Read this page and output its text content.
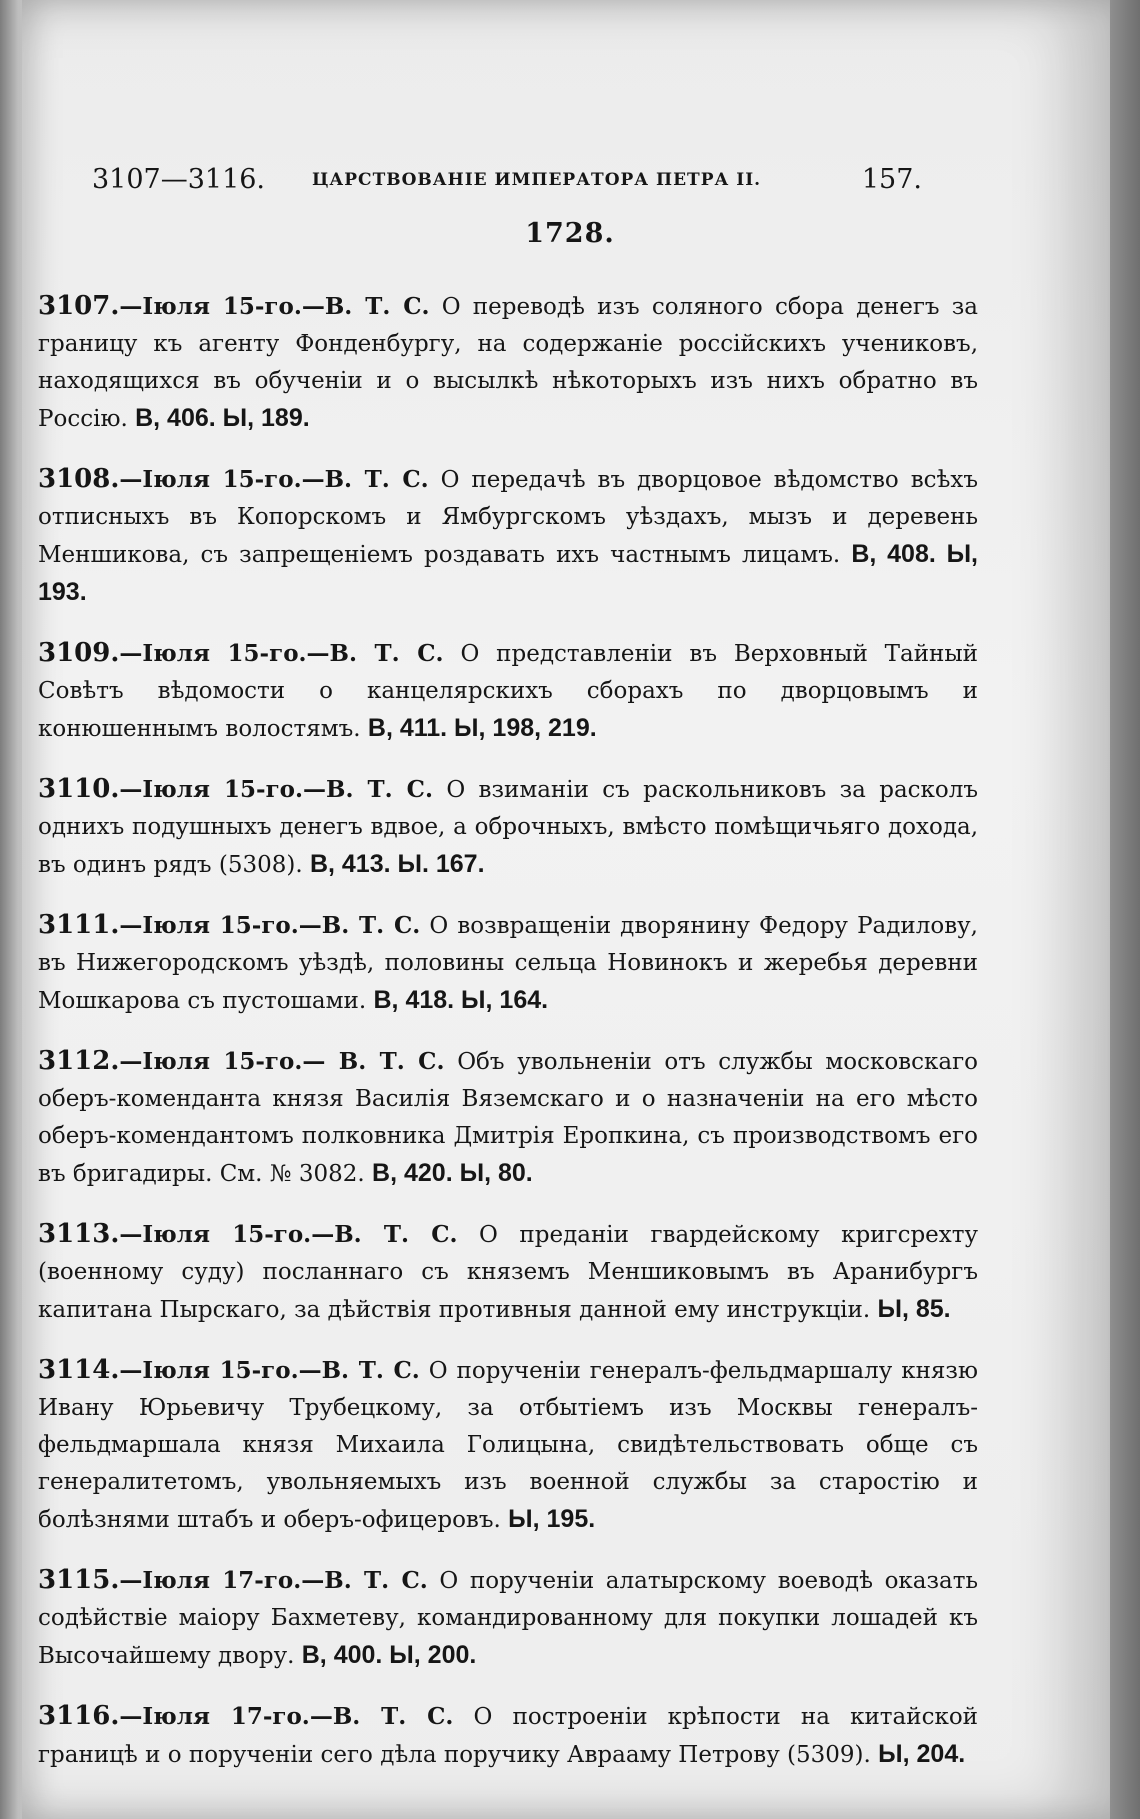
3107—3116.	ЦАРСТВОВАНІЕ ИМПЕРАТОРА ПЕТРА II.	157.
1728.

3107.—Іюля 15-го.—В. Т. С. О переводѣ изъ соляного сбора денегъ за границу къ агенту Фонденбургу, на содержаніе россійскихъ учениковъ, находящихся въ обученіи и о высылкѣ нѣкоторыхъ изъ нихъ обратно въ Россію. В, 406. Ы, 189.

3108.—Іюля 15-го.—В. Т. С. О передачѣ въ дворцовое вѣдомство всѣхъ отписныхъ въ Копорскомъ и Ямбургскомъ уѣздахъ, мызъ и деревень Меншикова, съ запрещеніемъ роздавать ихъ частнымъ лицамъ. В, 408. Ы, 193.

3109.—Іюля 15-го.—В. Т. С. О представленіи въ Верховный Тайный Совѣтъ вѣдомости о канцелярскихъ сборахъ по дворцовымъ и конюшеннымъ волостямъ. В, 411. Ы, 198, 219.

3110.—Іюля 15-го.—В. Т. С. О взиманіи съ раскольниковъ за расколъ однихъ подушныхъ денегъ вдвое, а оброчныхъ, вмѣсто помѣщичьяго дохода, въ одинъ рядъ (5308). В, 413. Ы. 167.

3111.—Іюля 15-го.—В. Т. С. О возвращеніи дворянину Федору Радилову, въ Нижегородскомъ уѣздѣ, половины сельца Новинокъ и жеребья деревни Мошкарова съ пустошами. В, 418. Ы, 164.

3112.—Іюля 15-го.— В. Т. С. Объ увольненіи отъ службы московскаго оберъ-коменданта князя Василія Вяземскаго и о назначеніи на его мѣсто оберъ-комендантомъ полковника Дмитрія Еропкина, съ производствомъ его въ бригадиры. См. № 3082. В, 420. Ы, 80.

3113.—Іюля 15-го.—В. Т. С. О преданіи гвардейскому кригсрехту (военному суду) посланнаго съ княземъ Меншиковымъ въ Аранибургъ капитана Пырскаго, за дѣйствія противныя данной ему инструкціи. Ы, 85.

3114.—Іюля 15-го.—В. Т. С. О порученіи генералъ-фельдмаршалу князю Ивану Юрьевичу Трубецкому, за отбытіемъ изъ Москвы генералъ-фельдмаршала князя Михаила Голицына, свидѣтельствовать обще съ генералитетомъ, увольняемыхъ изъ военной службы за старостію и болѣзнями штабъ и оберъ-офицеровъ. Ы, 195.

3115.—Іюля 17-го.—В. Т. С. О порученіи алатырскому воеводѣ оказать содѣйствіе маіору Бахметеву, командированному для покупки лошадей къ Высочайшему двору. В, 400. Ы, 200.

3116.—Іюля 17-го.—В. Т. С. О построеніи крѣпости на китайской границѣ и о порученіи сего дѣла поручику Аврааму Петрову (5309). Ы, 204.
